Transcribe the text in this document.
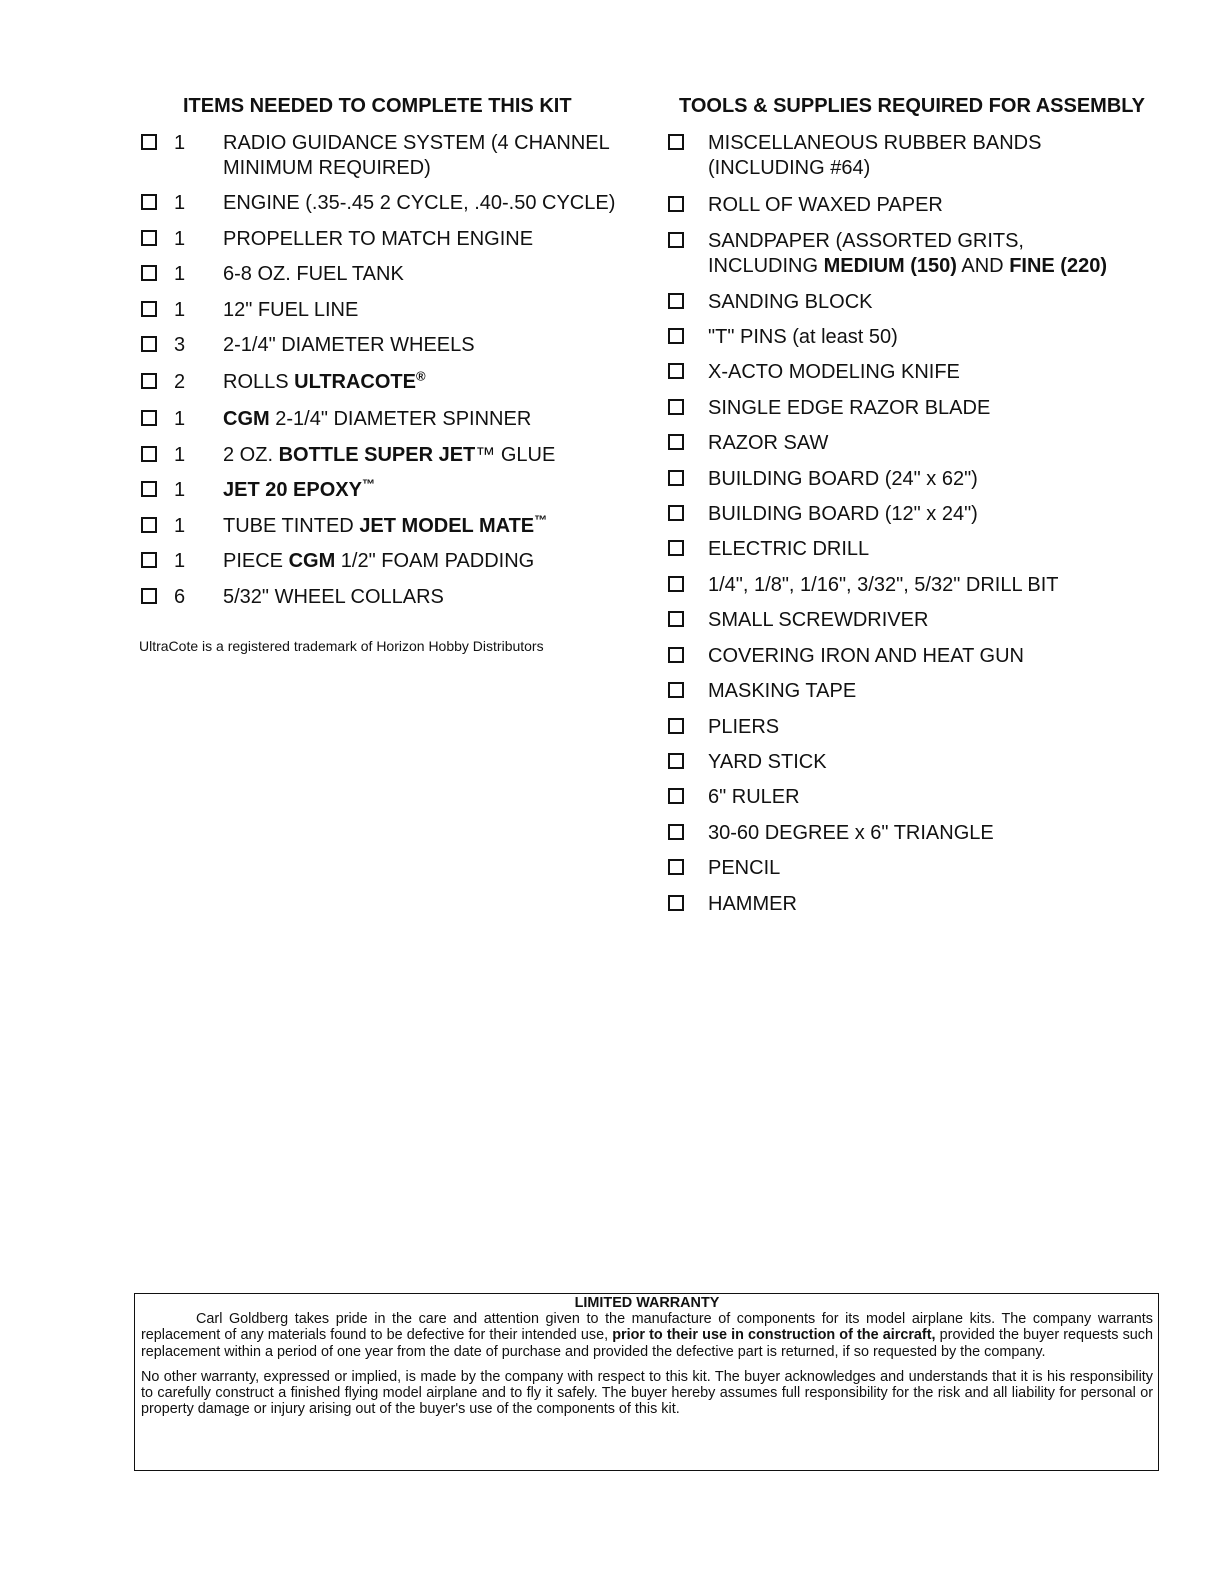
ITEMS NEEDED TO COMPLETE THIS KIT
1 RADIO GUIDANCE SYSTEM (4 CHANNEL MINIMUM REQUIRED)
1 ENGINE (.35-.45 2 CYCLE, .40-.50 CYCLE)
1 PROPELLER TO MATCH ENGINE
1 6-8 OZ. FUEL TANK
1 12" FUEL LINE
3 2-1/4" DIAMETER WHEELS
2 ROLLS ULTRACOTE®
1 CGM 2-1/4" DIAMETER SPINNER
1 2 OZ. BOTTLE SUPER JET™ GLUE
1 JET 20 EPOXY™
1 TUBE TINTED JET MODEL MATE™
1 PIECE CGM 1/2" FOAM PADDING
6 5/32" WHEEL COLLARS
UltraCote is a registered trademark of Horizon Hobby Distributors
TOOLS & SUPPLIES REQUIRED FOR ASSEMBLY
MISCELLANEOUS RUBBER BANDS (INCLUDING #64)
ROLL OF WAXED PAPER
SANDPAPER (ASSORTED GRITS, INCLUDING MEDIUM (150) AND FINE (220)
SANDING BLOCK
"T" PINS (at least 50)
X-ACTO MODELING KNIFE
SINGLE EDGE RAZOR BLADE
RAZOR SAW
BUILDING BOARD (24" x 62")
BUILDING BOARD (12" x 24")
ELECTRIC DRILL
1/4", 1/8", 1/16", 3/32", 5/32" DRILL BIT
SMALL SCREWDRIVER
COVERING IRON AND HEAT GUN
MASKING TAPE
PLIERS
YARD STICK
6" RULER
30-60 DEGREE x 6" TRIANGLE
PENCIL
HAMMER
LIMITED WARRANTY

Carl Goldberg takes pride in the care and attention given to the manufacture of components for its model airplane kits. The company warrants replacement of any materials found to be defective for their intended use, prior to their use in construction of the aircraft, provided the buyer requests such replacement within a period of one year from the date of purchase and provided the defective part is returned, if so requested by the company.

No other warranty, expressed or implied, is made by the company with respect to this kit. The buyer acknowledges and understands that it is his responsibility to carefully construct a finished flying model airplane and to fly it safely. The buyer hereby assumes full responsibility for the risk and all liability for personal or property damage or injury arising out of the buyer's use of the components of this kit.
